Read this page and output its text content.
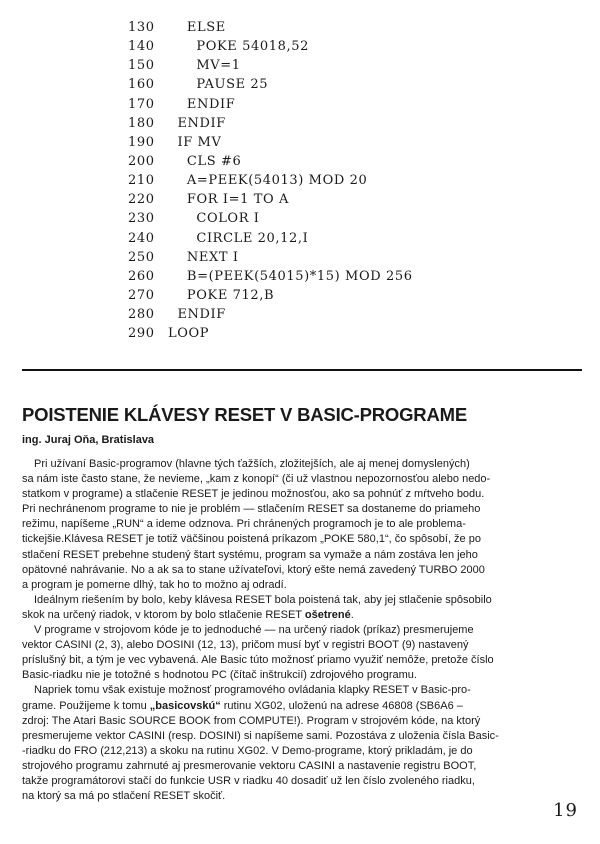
130	ELSE
140	POKE 54018,52
150	MV=1
160	PAUSE 25
170	ENDIF
180	ENDIF
190	IF MV
200	CLS #6
210	A=PEEK(54013) MOD 20
220	FOR I=1 TO A
230	COLOR I
240	CIRCLE 20,12,I
250	NEXT I
260	B=(PEEK(54015)*15) MOD 256
270	POKE 712,B
280	ENDIF
290	LOOP
POISTENIE KLÁVESY RESET V BASIC-PROGRAME

ing. Juraj Oňa, Bratislava

Pri užívaní Basic-programov (hlavne tých ťažších, zložitejších, ale aj menej domyslených)
sa nám iste často stane, že nevieme, „kam z konopí“ (či už vlastnou nepozornosťou alebo nedo-
statkom v programe) a stlačenie RESET je jedinou možnosťou, ako sa pohnúť z mŕtveho bodu.
Pri nechránenom programe to nie je problém — stlačením RESET sa dostaneme do priameho
režimu, napíšeme „RUN“ a ideme odznova. Pri chránených programoch je to ale problema-
tickejšie.Klávesa RESET je totiž väčšinou poistená príkazom „POKE 580,1“, čo spôsobí, že po
stlačení RESET prebehne studený štart systému, program sa vymaže a nám zostáva len jeho
opätovné nahrávanie. No a ak sa to stane užívateľovi, ktorý ešte nemá zavedený TURBO 2000
a program je pomerne dlhý, tak ho to možno aj odradí.
Ideálnym riešením by bolo, keby klávesa RESET bola poistená tak, aby jej stlačenie spôsobilo
skok na určený riadok, v ktorom by bolo stlačenie RESET ošetrené.
V programe v strojovom kóde je to jednoduché — na určený riadok (príkaz) presmerujeme
vektor CASINI (2, 3), alebo DOSINI (12, 13), pričom musí byť v registri BOOT (9) nastavený
príslušný bit, a tým je vec vybavená. Ale Basic túto možnosť priamo využiť nemôže, pretože číslo
Basic-riadku nie je totožné s hodnotou PC (čítač inštrukcií) zdrojového programu.
Napriek tomu však existuje možnosť programového ovládania klapky RESET v Basic-pro-
grame. Použijeme k tomu „basicovskú“ rutinu XG02, uloženú na adrese 46808 (SB6A6 –
zdroj: The Atari Basic SOURCE BOOK from COMPUTE!). Program v strojovém kóde, na ktorý
presmerujeme vektor CASINI (resp. DOSINI) si napíšeme sami. Pozostáva z uloženia čísla Basic-
-riadku do FRO (212,213) a skoku na rutinu XG02. V Demo-programe, ktorý prikladám, je do
strojového programu zahrnuté aj presmerovanie vektoru CASINI a nastavenie registru BOOT,
takže programátorovi stačí do funkcie USR v riadku 40 dosadiť už len číslo zvoleného riadku,
na ktorý sa má po stlačení RESET skočiť.

19
